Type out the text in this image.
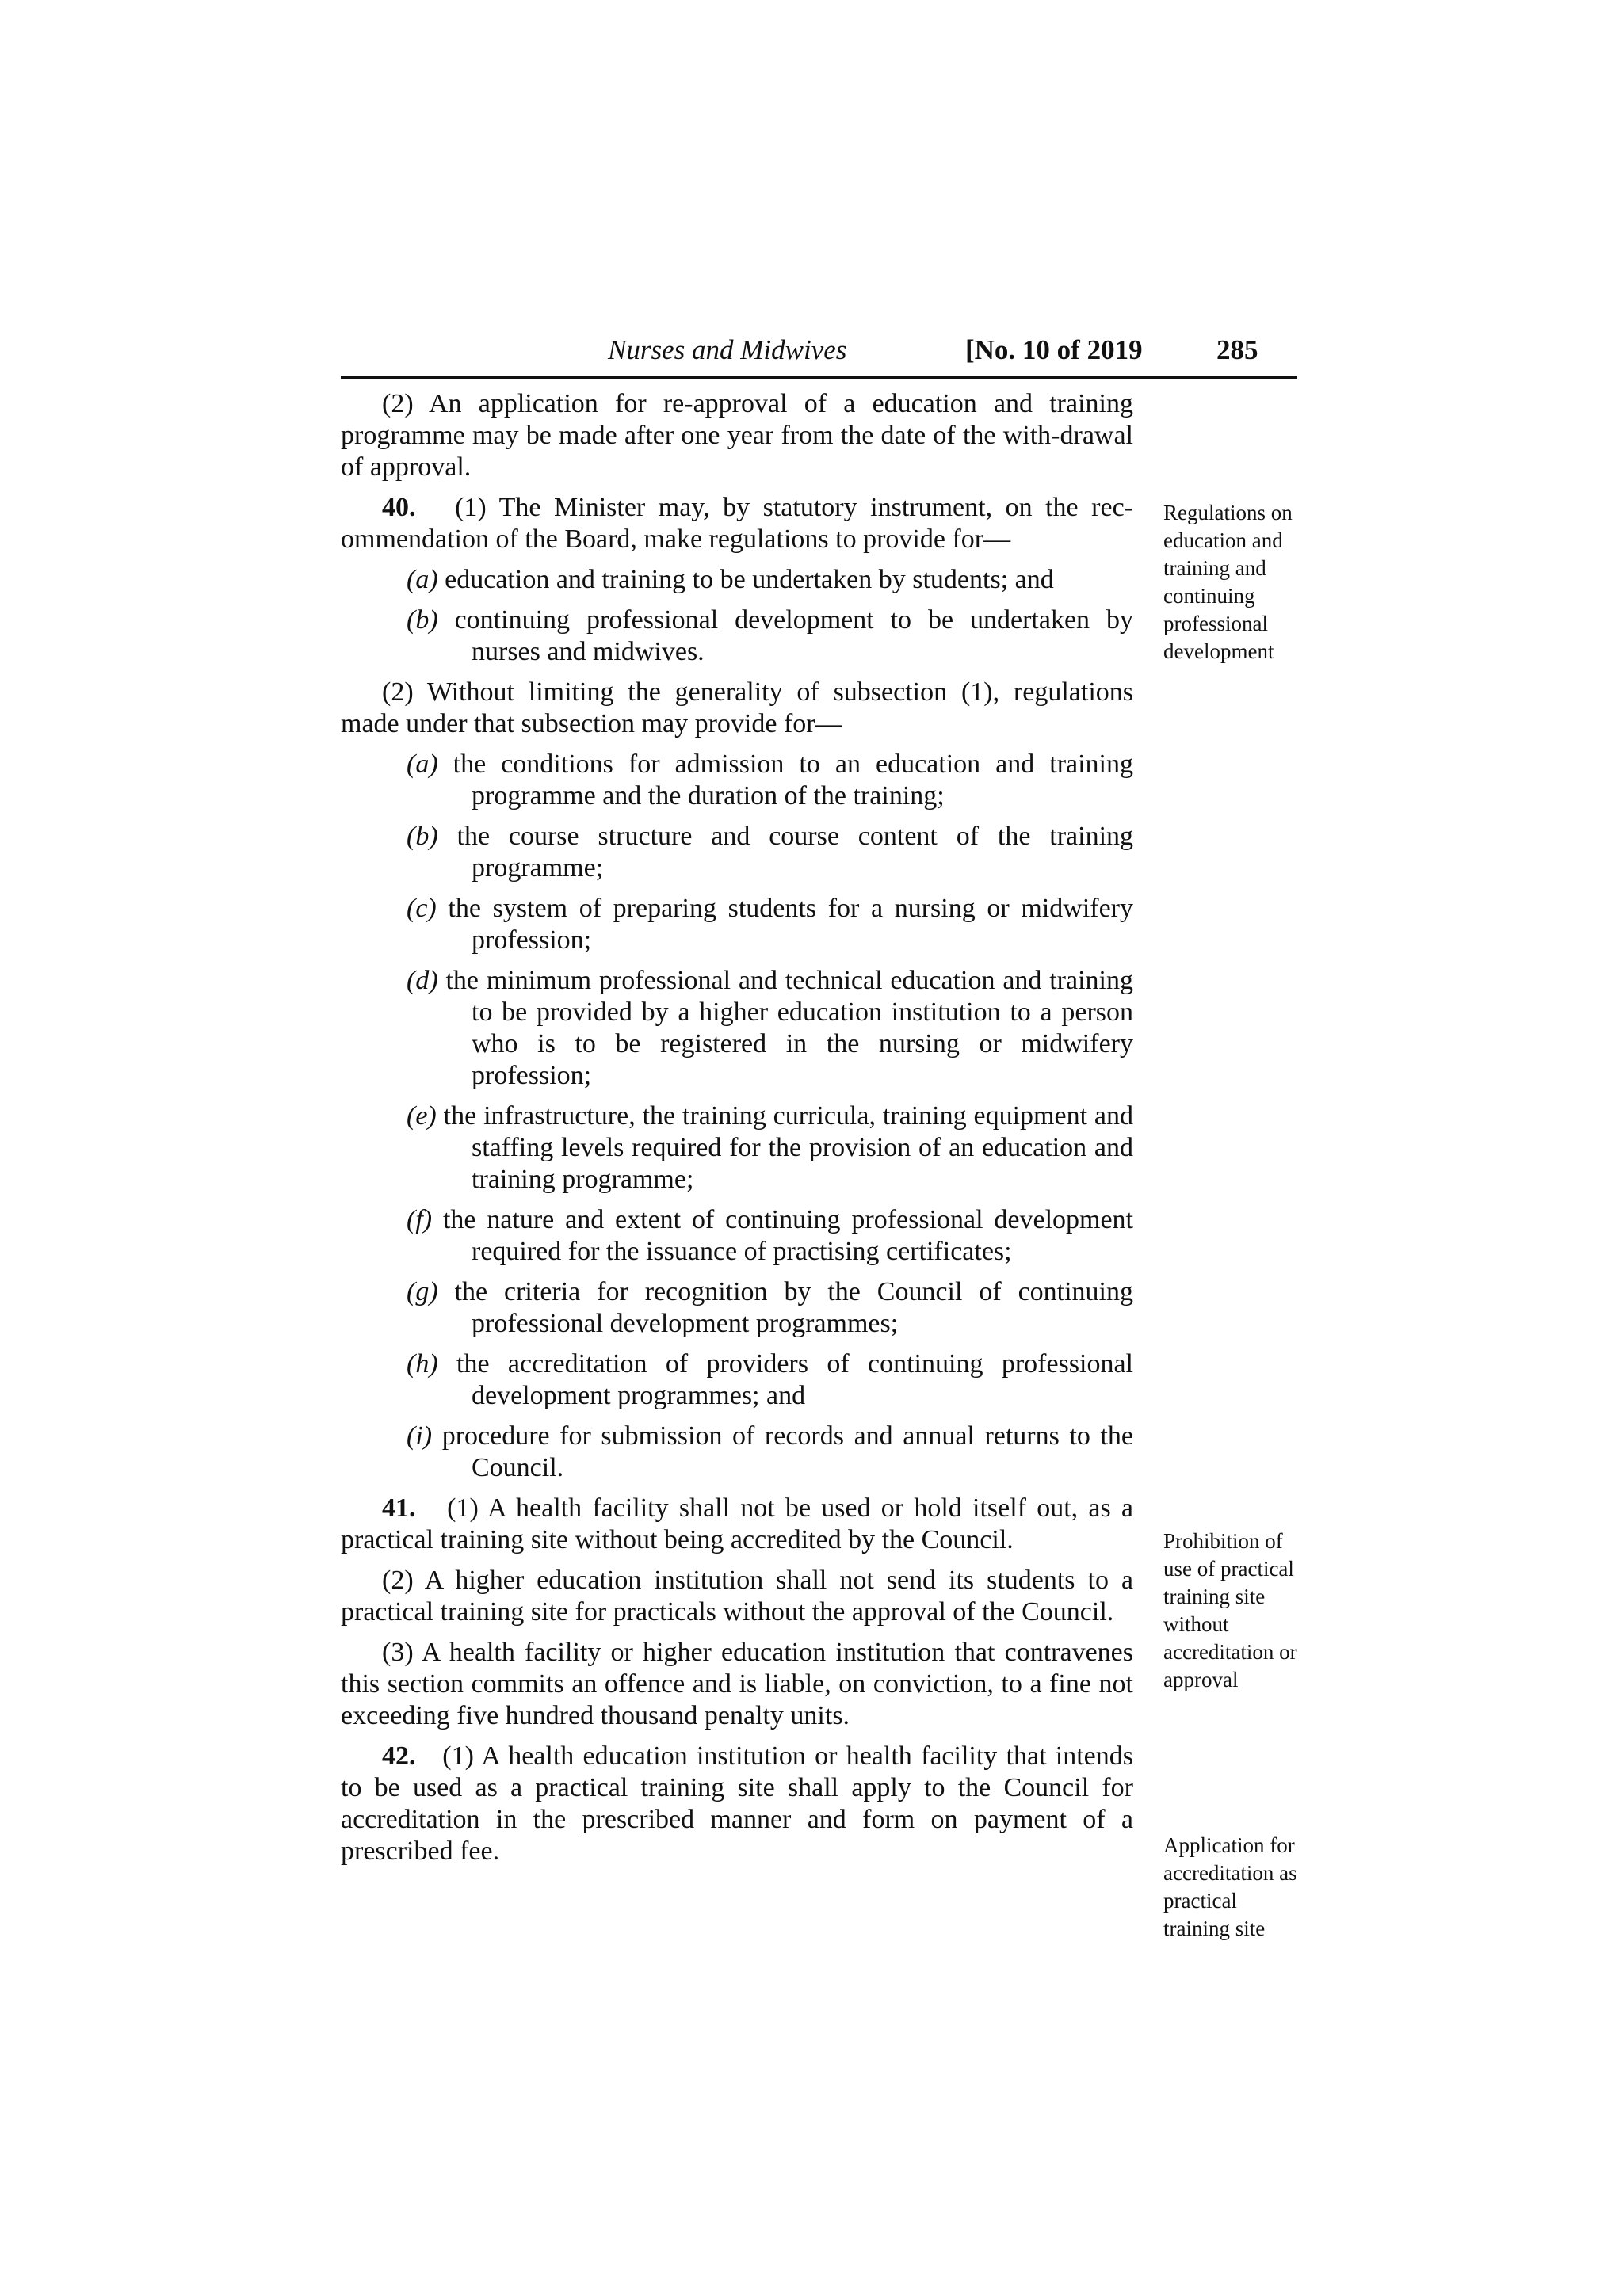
Nurses and Midwives	[No. 10 of 2019	285

(2) An application for re-approval of a education and training programme may be made after one year from the date of the with-drawal of approval.

40. (1) The Minister may, by statutory instrument, on the rec-ommendation of the Board, make regulations to provide for—

(a) education and training to be undertaken by students; and

(b) continuing professional development to be undertaken by nurses and midwives.

(2) Without limiting the generality of subsection (1), regulations made under that subsection may provide for—

(a) the conditions for admission to an education and training programme and the duration of the training;

(b) the course structure and course content of the training programme;

(c) the system of preparing students for a nursing or midwifery profession;

(d) the minimum professional and technical education and training to be provided by a higher education institution to a person who is to be registered in the nursing or midwifery profession;

(e) the infrastructure, the training curricula, training equipment and staffing levels required for the provision of an education and training programme;

(f) the nature and extent of continuing professional development required for the issuance of practising certificates;

(g) the criteria for recognition by the Council of continuing professional development programmes;

(h) the accreditation of providers of continuing professional development programmes; and

(i) procedure for submission of records and annual returns to the Council.

41. (1) A health facility shall not be used or hold itself out, as a practical training site without being accredited by the Council.

(2) A higher education institution shall not send its students to a practical training site for practicals without the approval of the Council.

(3) A health facility or higher education institution that contravenes this section commits an offence and is liable, on conviction, to a fine not exceeding five hundred thousand penalty units.

42. (1) A health education institution or health facility that intends to be used as a practical training site shall apply to the Council for accreditation in the prescribed manner and form on payment of a prescribed fee.

Regulations on education and training and continuing professional development
Prohibition of use of practical training site without accreditation or approval
Application for accreditation as practical training site
